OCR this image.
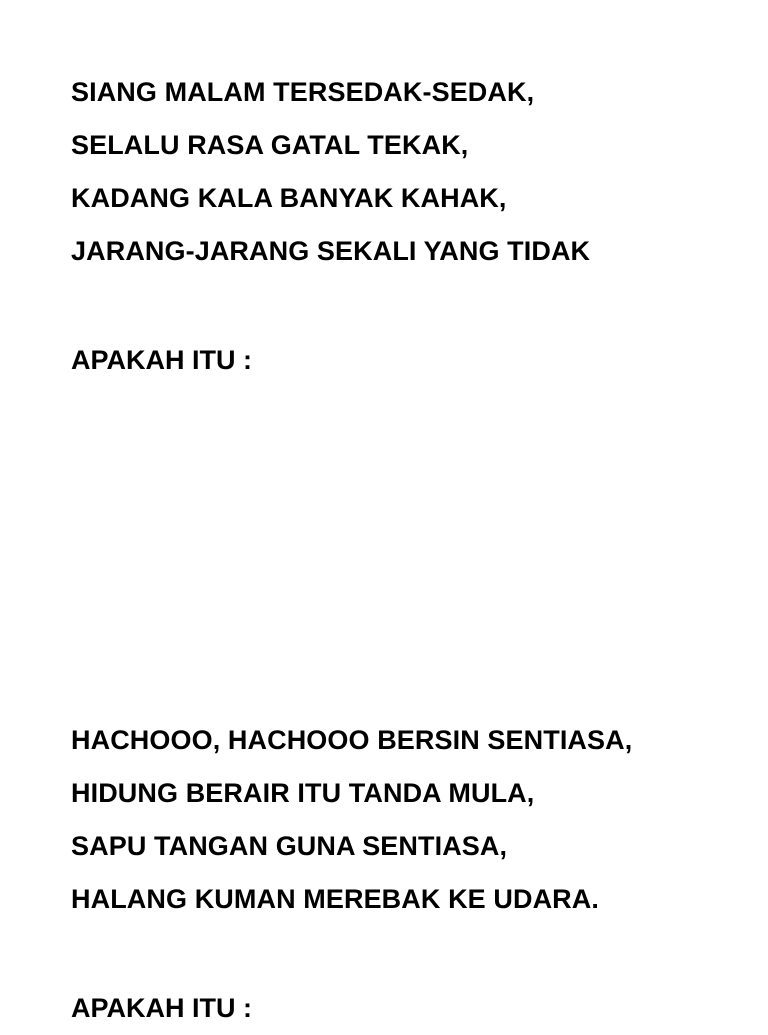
SIANG MALAM TERSEDAK-SEDAK,
SELALU RASA GATAL TEKAK,
KADANG KALA BANYAK KAHAK,
JARANG-JARANG SEKALI YANG TIDAK
APAKAH ITU :
HACHOOO, HACHOOO BERSIN SENTIASA,
HIDUNG BERAIR ITU TANDA MULA,
SAPU TANGAN GUNA SENTIASA,
HALANG KUMAN MEREBAK KE UDARA.
APAKAH ITU :
